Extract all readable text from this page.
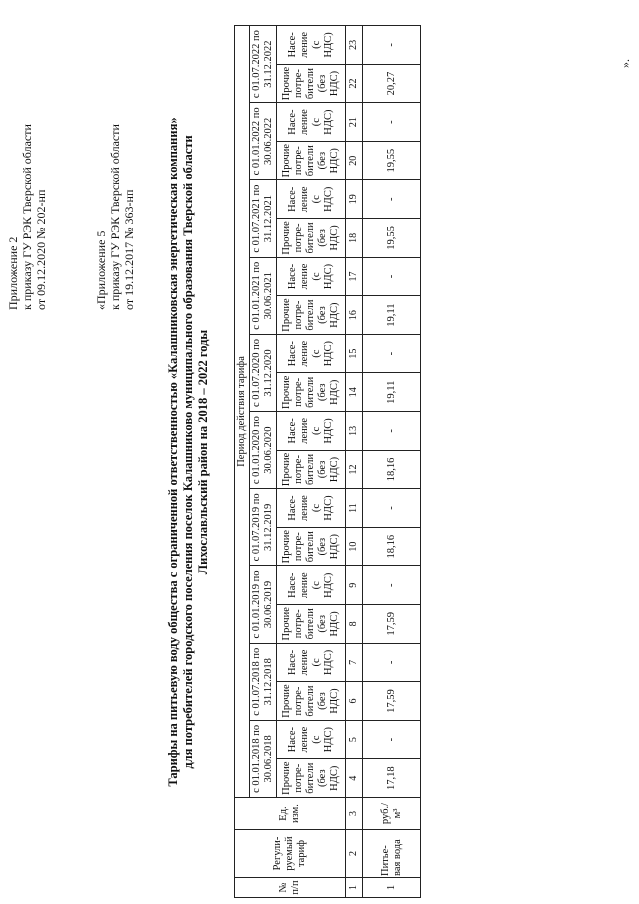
Приложение 2 к приказу ГУ РЭК Тверской области от 09.12.2020 № 202-нп	«Приложение 5 к приказу ГУ РЭК Тверской области от 19.12.2017 № 363-нп Тарифы на питьевую воду общества с ограниченной ответственностью «Калашниковская энергетическая компания» для потребителей городского поселения поселок Калашниково муниципального образования Тверской области Лихославльский район на 2018 – 2022 годы
№ п/п	Регули-руемый тариф	Ед. изм.	Период действия тарифа																			
			с 01.01.2018 по 30.06.2018		с 01.07.2018 по 31.12.2018		с 01.01.2019 по 30.06.2019		с 01.07.2019 по 31.12.2019		с 01.01.2020 по 30.06.2020		с 01.07.2020 по 31.12.2020		с 01.01.2021 по 30.06.2021		с 01.07.2021 по 31.12.2021		с 01.01.2022 по 30.06.2022		с 01.07.2022 по 31.12.2022	
			Прочие потре-бители (без НДС)	Насе-ление (с НДС)	Прочие потре-бители (без НДС)	Насе-ление (с НДС)	Прочие потре-бители (без НДС)	Насе-ление (с НДС)	Прочие потре-бители (без НДС)	Насе-ление (с НДС)	Прочие потре-бители (без НДС)	Насе-ление (с НДС)	Прочие потре-бители (без НДС)	Насе-ление (с НДС)	Прочие потре-бители (без НДС)	Насе-ление (с НДС)	Прочие потре-бители (без НДС)	Насе-ление (с НДС)	Прочие потре-бители (без НДС)	Насе-ление (с НДС)	Прочие потре-бители (без НДС)	Насе-ление (с НДС)
1	2	3	4	5	6	7	8	9	10	11	12	13	14	15	16	17	18	19	20	21	22	23
1	Питье-вая вода	руб./м³	17,18	-	17,59	-	17,59	-	18,16	-	18,16	-	19,11	-	19,11	-	19,55	-	19,55	-	20,27	-
».
